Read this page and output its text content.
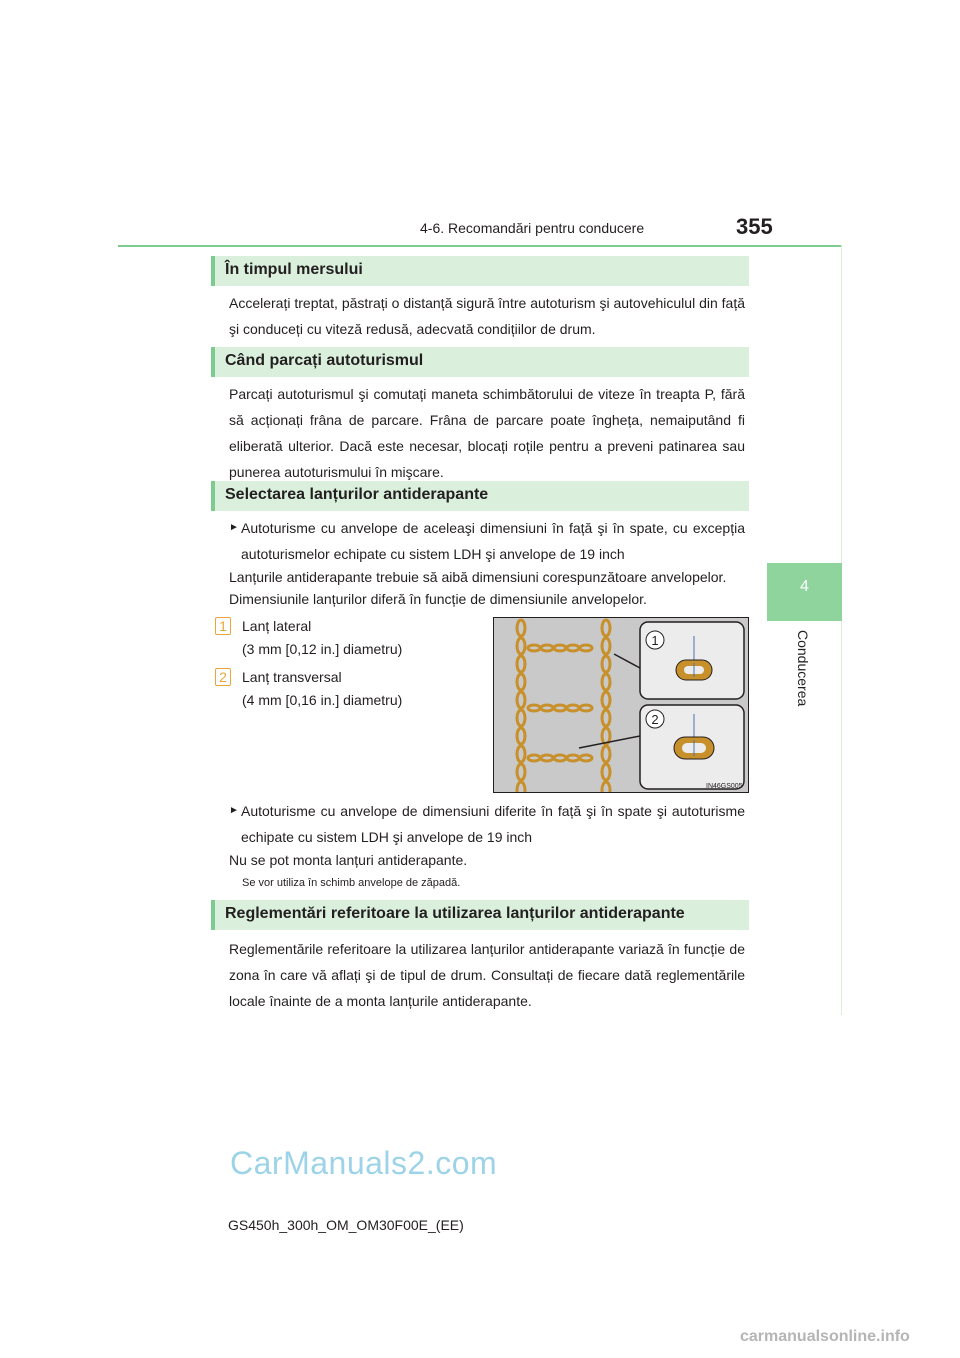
4-6. Recomandări pentru conducere	355
4
Conducerea
În timpul mersului
Accelerați treptat, păstrați o distanță sigură între autoturism şi autovehiculul din față şi conduceți cu viteză redusă, adecvată condițiilor de drum.
Când parcați autoturismul
Parcați autoturismul şi comutați maneta schimbătorului de viteze în treapta P, fără să acționați frâna de parcare. Frâna de parcare poate îngheța, nemaiputând fi eliberată ulterior. Dacă este necesar, blocați roțile pentru a preveni patinarea sau punerea autoturismului în mişcare.
Selectarea lanțurilor antiderapante
► Autoturisme cu anvelope de aceleaşi dimensiuni în față şi în spate, cu excepția autoturismelor echipate cu sistem LDH şi anvelope de 19 inch
Lanțurile antiderapante trebuie să aibă dimensiuni corespunzătoare anvelopelor.
Dimensiunile lanțurilor diferă în funcție de dimensiunile anvelopelor.
1 Lanț lateral
(3 mm [0,12 in.] diametru)
2 Lanț transversal
(4 mm [0,16 in.] diametru)
1
2
IN46GS005
► Autoturisme cu anvelope de dimensiuni diferite în față şi în spate şi autoturisme echipate cu sistem LDH şi anvelope de 19 inch
Nu se pot monta lanțuri antiderapante.
Se vor utiliza în schimb anvelope de zăpadă.
Reglementări referitoare la utilizarea lanțurilor antiderapante
Reglementările referitoare la utilizarea lanțurilor antiderapante variază în funcție de zona în care vă aflați şi de tipul de drum. Consultați de fiecare dată reglementările locale înainte de a monta lanțurile antiderapante.
CarManuals2.com
GS450h_300h_OM_OM30F00E_(EE)
carmanualsonline.info
